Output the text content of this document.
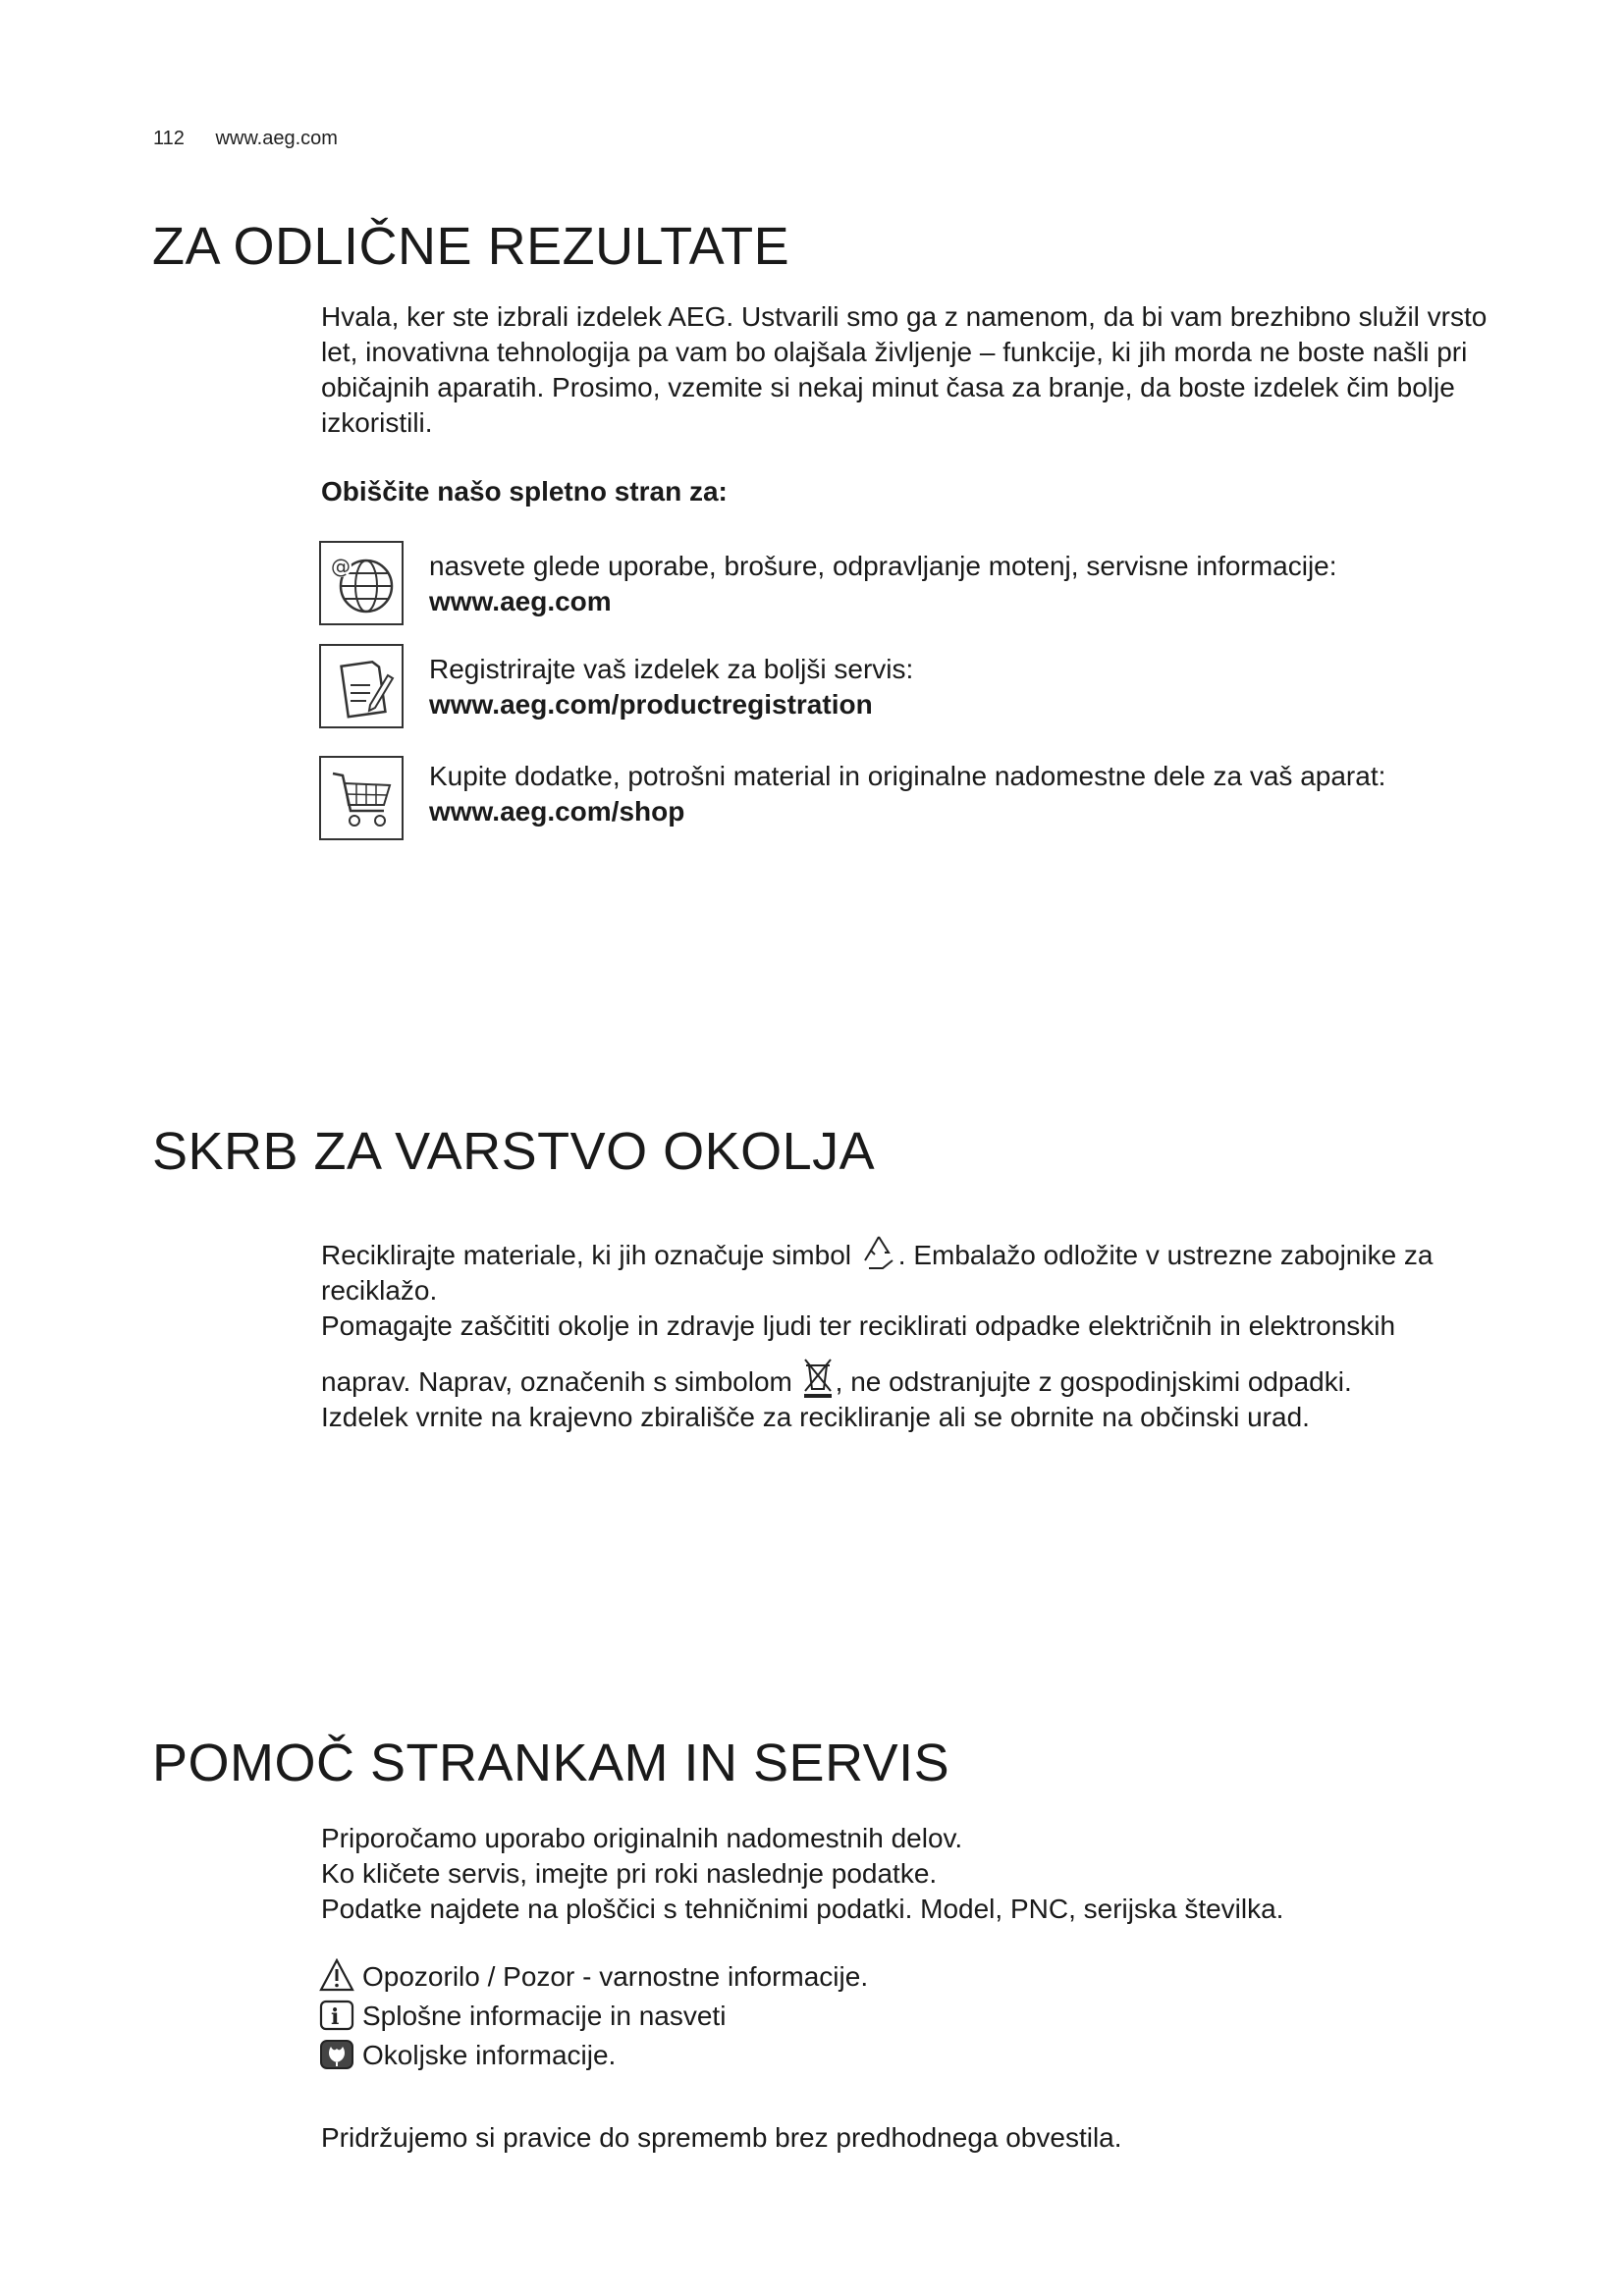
112 www.aeg.com
ZA ODLIČNE REZULTATE

Hvala, ker ste izbrali izdelek AEG. Ustvarili smo ga z namenom, da bi vam brezhibno služil vrsto let, inovativna tehnologija pa vam bo olajšala življenje – funkcije, ki jih morda ne boste našli pri običajnih aparatih. Prosimo, vzemite si nekaj minut časa za branje, da boste izdelek čim bolje izkoristili.

Obiščite našo spletno stran za:
@	nasvete glede uporabe, brošure, odpravljanje motenj, servisne informacije:
www.aeg.com
Registrirajte vaš izdelek za boljši servis:
www.aeg.com/productregistration
Kupite dodatke, potrošni material in originalne nadomestne dele za vaš aparat:
www.aeg.com/shop
SKRB ZA VARSTVO OKOLJA

Reciklirajte materiale, ki jih označuje simbol . Embalažo odložite v ustrezne zabojnike za

reciklažo.

Pomagajte zaščititi okolje in zdravje ljudi ter reciklirati odpadke električnih in elektronskih

naprav. Naprav, označenih s simbolom , ne odstranjujte z gospodinjskimi odpadki.

Izdelek vrnite na krajevno zbirališče za recikliranje ali se obrnite na občinski urad.

POMOČ STRANKAM IN SERVIS

Priporočamo uporabo originalnih nadomestnih delov.

Ko kličete servis, imejte pri roki naslednje podatke.

Podatke najdete na ploščici s tehničnimi podatki. Model, PNC, serijska številka.

Opozorilo / Pozor - varnostne informacije.
i Splošne informacije in nasveti
Okoljske informacije.
Pridržujemo si pravice do sprememb brez predhodnega obvestila.
